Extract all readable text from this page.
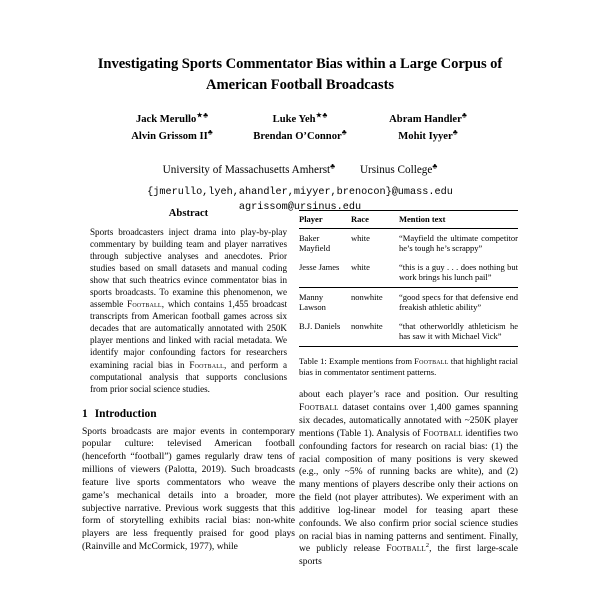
Investigating Sports Commentator Bias within a Large Corpus of American Football Broadcasts
Jack Merullo★♣	Luke Yeh★♣	Abram Handler♣
Alvin Grissom II♣	Brendan O’Connor♣	Mohit Iyyer♣
University of Massachusetts Amherst♣ Ursinus College♣
{jmerullo,lyeh,ahandler,miyyer,brenocon}@umass.edu
agrissom@ursinus.edu
Abstract
Sports broadcasters inject drama into play-by-play commentary by building team and player narratives through subjective analyses and anecdotes. Prior studies based on small datasets and manual coding show that such theatrics evince commentator bias in sports broadcasts. To examine this phenomenon, we assemble Football, which contains 1,455 broadcast transcripts from American football games across six decades that are automatically annotated with 250K player mentions and linked with racial metadata. We identify major confounding factors for researchers examining racial bias in Football, and perform a computational analysis that supports conclusions from prior social science studies.
1 Introduction
Sports broadcasts are major events in contemporary popular culture: televised American football (henceforth “football”) games regularly draw tens of millions of viewers (Palotta, 2019). Such broadcasts feature live sports commentators who weave the game’s mechanical details into a broader, more subjective narrative. Previous work suggests that this form of storytelling exhibits racial bias: non-white players are less frequently praised for good plays (Rainville and McCormick, 1977), while
Player	Race	Mention text
Baker Mayfield	white	“Mayfield the ultimate competitor he’s tough he’s scrappy”
Jesse James	white	“this is a guy . . . does nothing but work brings his lunch pail”
Manny Lawson	nonwhite	“good specs for that defensive end freakish athletic ability”
B.J. Daniels	nonwhite	“that otherworldly athleticism he has saw it with Michael Vick”
Table 1: Example mentions from Football that highlight racial bias in commentator sentiment patterns.
about each player’s race and position. Our resulting Football dataset contains over 1,400 games spanning six decades, automatically annotated with ~250K player mentions (Table 1). Analysis of Football identifies two confounding factors for research on racial bias: (1) the racial composition of many positions is very skewed (e.g., only ~5% of running backs are white), and (2) many mentions of players describe only their actions on the field (not player attributes). We experiment with an additive log-linear model for teasing apart these confounds. We also confirm prior social science studies on racial bias in naming patterns and sentiment. Finally, we publicly release Football$^2$, the first large-scale sports
